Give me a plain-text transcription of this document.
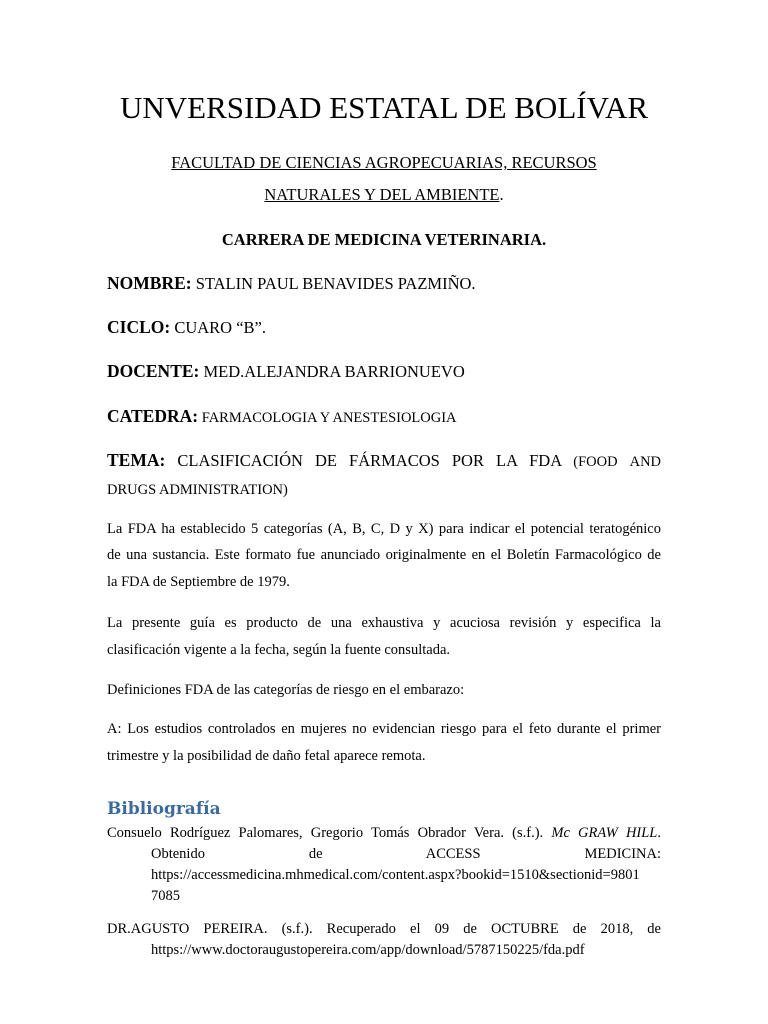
UNVERSIDAD ESTATAL DE BOLÍVAR
FACULTAD DE CIENCIAS AGROPECUARIAS, RECURSOS
NATURALES Y DEL AMBIENTE.
CARRERA DE MEDICINA VETERINARIA.
NOMBRE: STALIN PAUL BENAVIDES PAZMIÑO.
CICLO: CUARO “B”.
DOCENTE: MED.ALEJANDRA BARRIONUEVO
CATEDRA: FARMACOLOGIA Y ANESTESIOLOGIA
TEMA: CLASIFICACIÓN DE FÁRMACOS POR LA FDA (FOOD AND
DRUGS ADMINISTRATION)
La FDA ha establecido 5 categorías (A, B, C, D y X) para indicar el potencial teratogénico
de una sustancia. Este formato fue anunciado originalmente en el Boletín Farmacológico de
la FDA de Septiembre de 1979.
La presente guía es producto de una exhaustiva y acuciosa revisión y especifica la
clasificación vigente a la fecha, según la fuente consultada.
Definiciones FDA de las categorías de riesgo en el embarazo:
A: Los estudios controlados en mujeres no evidencian riesgo para el feto durante el primer
trimestre y la posibilidad de daño fetal aparece remota.
Bibliografía
Consuelo Rodríguez Palomares, Gregorio Tomás Obrador Vera. (s.f.). Mc GRAW HILL.
Obtenido	de	ACCESS	MEDICINA:
https://accessmedicina.mhmedical.com/content.aspx?bookid=1510&sectionid=9801
7085
DR.AGUSTO PEREIRA. (s.f.). Recuperado el 09 de OCTUBRE de 2018, de
https://www.doctoraugustopereira.com/app/download/5787150225/fda.pdf
